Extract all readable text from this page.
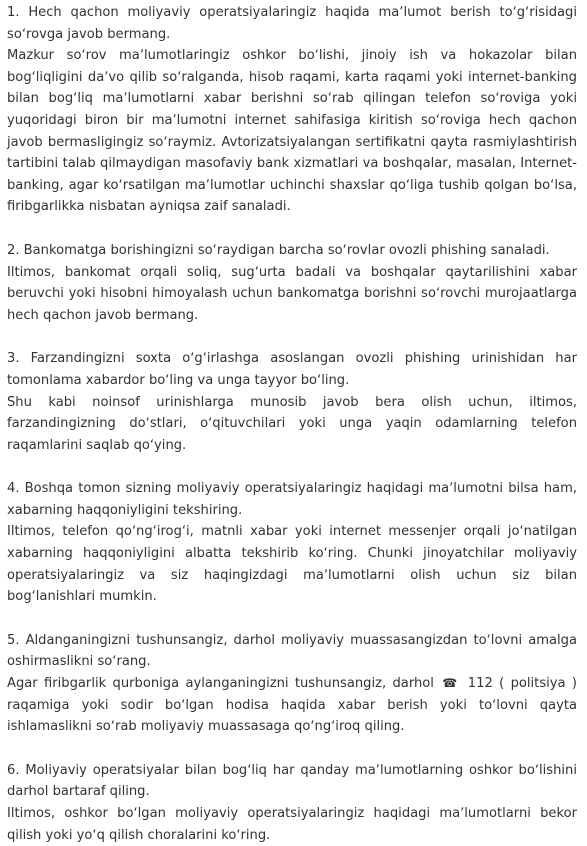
1. Hech qachon moliyaviy operatsiyalaringiz haqida maʼlumot berish toʻgʻrisidagi soʻrovga javob bermang.

Mazkur soʻrov maʼlumotlaringiz oshkor boʻlishi, jinoiy ish va hokazolar bilan bogʻliqligini daʼvo qilib soʻralganda, hisob raqami, karta raqami yoki internet-banking bilan bogʻliq maʼlumotlarni xabar berishni soʻrab qilingan telefon soʻroviga yoki yuqoridagi biron bir maʼlumotni internet sahifasiga kiritish soʻroviga hech qachon javob bermasligingiz soʻraymiz. Avtorizatsiyalangan sertifikatni qayta rasmiylashtirish tartibini talab qilmaydigan masofaviy bank xizmatlari va boshqalar, masalan, Internet-banking, agar koʻrsatilgan maʼlumotlar uchinchi shaxslar qoʻliga tushib qolgan boʻlsa, firibgarlikka nisbatan ayniqsa zaif sanaladi.

2. Bankomatga borishingizni soʻraydigan barcha soʻrovlar ovozli phishing sanaladi.

Iltimos, bankomat orqali soliq, sugʻurta badali va boshqalar qaytarilishini xabar beruvchi yoki hisobni himoyalash uchun bankomatga borishni soʻrovchi murojaatlarga hech qachon javob bermang.

3. Farzandingizni soxta oʻgʻirlashga asoslangan ovozli phishing urinishidan har tomonlama xabardor boʻling va unga tayyor boʻling.

Shu kabi noinsof urinishlarga munosib javob bera olish uchun, iltimos, farzandingizning doʻstlari, oʻqituvchilari yoki unga yaqin odamlarning telefon raqamlarini saqlab qoʻying.

4. Boshqa tomon sizning moliyaviy operatsiyalaringiz haqidagi maʼlumotni bilsa ham, xabarning haqqoniyligini tekshiring.

Iltimos, telefon qoʻngʻirogʻi, matnli xabar yoki internet messenjer orqali joʻnatilgan xabarning haqqoniyligini albatta tekshirib koʻring. Chunki jinoyatchilar moliyaviy operatsiyalaringiz va siz haqingizdagi maʼlumotlarni olish uchun siz bilan bogʻlanishlari mumkin.

5. Aldanganingizni tushunsangiz, darhol moliyaviy muassasangizdan toʻlovni amalga oshirmaslikni soʻrang.

Agar firibgarlik qurboniga aylanganingizni tushunsangiz, darhol ☎ 112 ( politsiya ) raqamiga yoki sodir boʻlgan hodisa haqida xabar berish yoki toʻlovni qayta ishlamaslikni soʻrab moliyaviy muassasaga qoʻngʻiroq qiling.

6. Moliyaviy operatsiyalar bilan bogʻliq har qanday maʼlumotlarning oshkor boʻlishini darhol bartaraf qiling.

Iltimos, oshkor boʻlgan moliyaviy operatsiyalaringiz haqidagi maʼlumotlarni bekor qilish yoki yoʻq qilish choralarini koʻring.
